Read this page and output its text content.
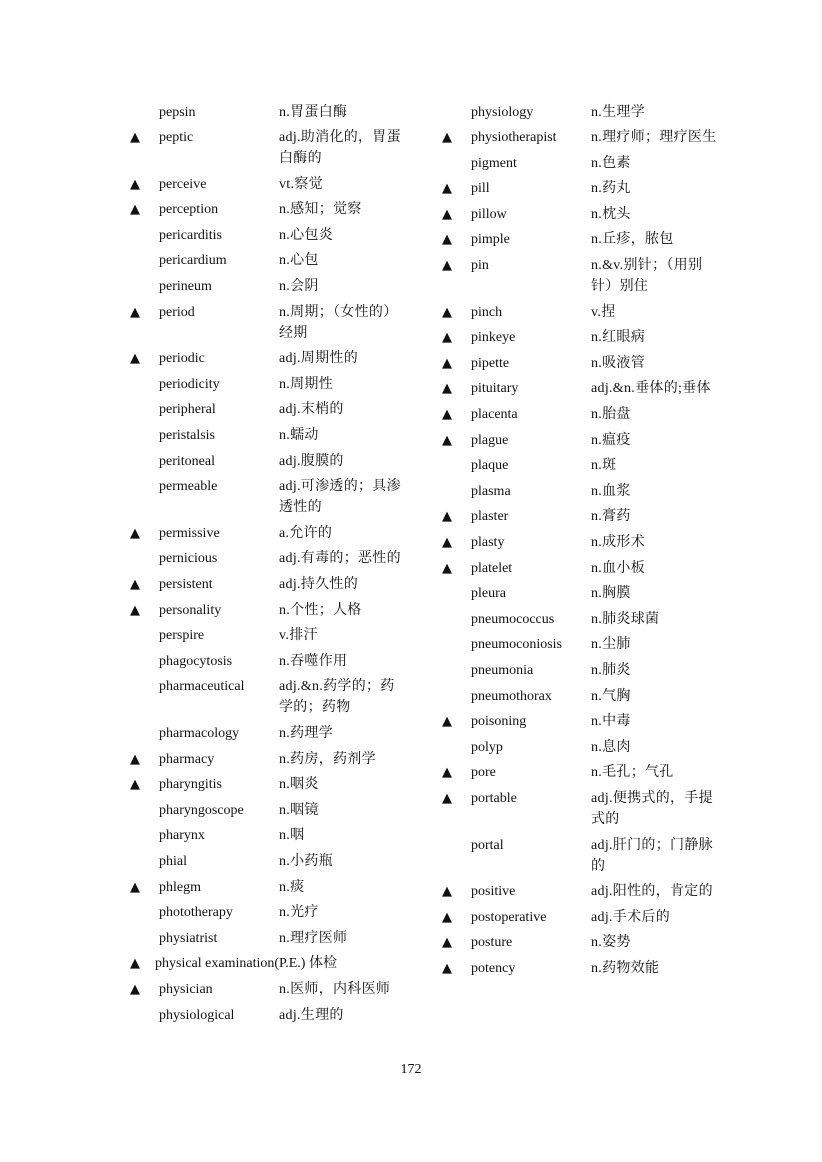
pepsin	n.胃蛋白酶
▲ peptic	adj.助消化的，胃蛋白酶的
▲ perceive	vt.察觉
▲ perception	n.感知；觉察
pericarditis	n.心包炎
pericardium	n.心包
perineum	n.会阴
▲ period	n.周期；（女性的）经期
▲ periodic	adj.周期性的
periodicity	n.周期性
peripheral	adj.末梢的
peristalsis	n.蠕动
peritoneal	adj.腹膜的
permeable	adj.可渗透的；具渗透性的
▲ permissive	a.允许的
pernicious	adj.有毒的；恶性的
▲ persistent	adj.持久性的
▲ personality	n.个性；人格
perspire	v.排汗
phagocytosis	n.吞噬作用
pharmaceutical adj.&n.药学的；药学的；药物
pharmacology	n.药理学
▲ pharmacy	n.药房，药剂学
▲ pharyngitis	n.咽炎
pharyngoscope	n.咽镜
pharynx	n.咽
phial	n.小药瓶
▲ phlegm	n.痰
phototherapy	n.光疗
physiatrist	n.理疗医师
▲ physical examination(P.E.) 体检
▲ physician	n.医师，内科医师
physiological	adj.生理的
physiology	n.生理学
▲ physiotherapist n.理疗师；理疗医生
pigment	n.色素
▲ pill	n.药丸
▲ pillow	n.枕头
▲ pimple	n.丘疹，脓包
▲ pin	n.&v.别针；（用别针）别住
▲ pinch	v.捏
▲ pinkeye	n.红眼病
▲ pipette	n.吸液管
▲ pituitary	adj.&n.垂体的;垂体
▲ placenta	n.胎盘
▲ plague	n.瘟疫
plaque	n.斑
plasma	n.血浆
▲ plaster	n.膏药
▲ plasty	n.成形术
▲ platelet	n.血小板
pleura	n.胸膜
pneumococcus	n.肺炎球菌
pneumoconiosis n.尘肺
pneumonia	n.肺炎
pneumothorax	n.气胸
▲ poisoning	n.中毒
polyp	n.息肉
▲ pore	n.毛孔；气孔
▲ portable	adj.便携式的，手提式的
portal	adj.肝门的；门静脉的
▲ positive	adj.阳性的，肯定的
▲ postoperative	adj.手术后的
▲ posture	n.姿势
▲ potency	n.药物效能
172
